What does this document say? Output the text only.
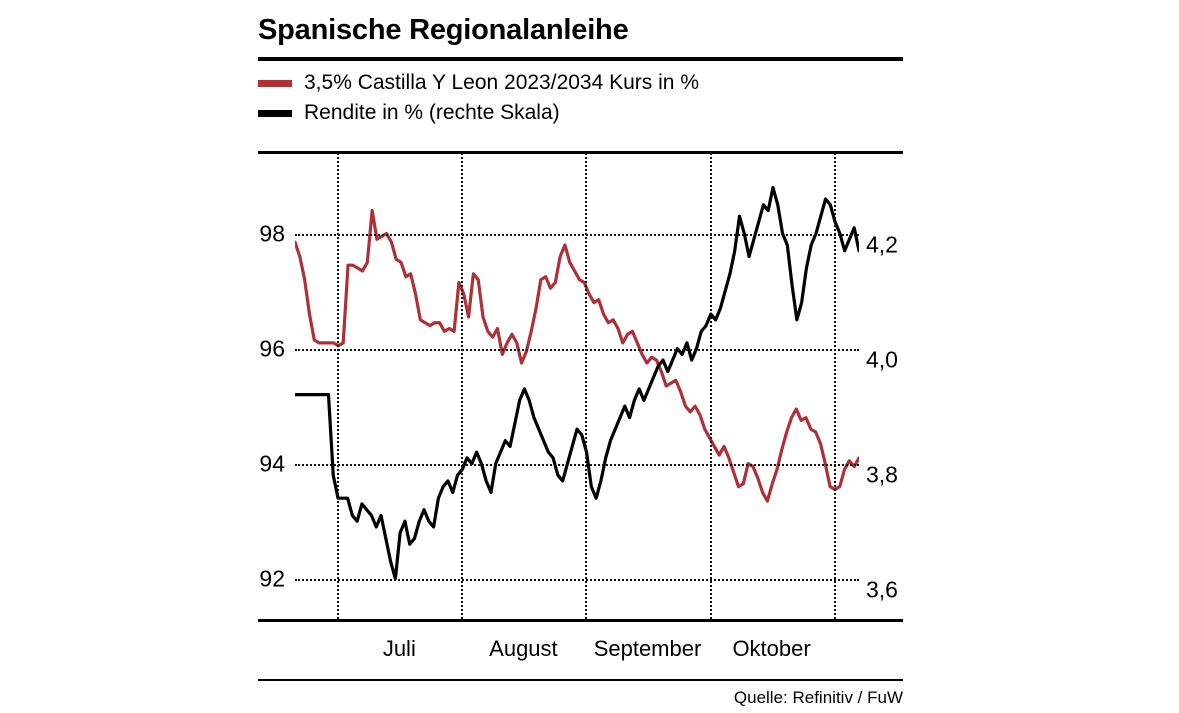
Spanische Regionalanleihe
3,5% Castilla Y Leon 2023/2034 Kurs in %
Rendite in % (rechte Skala)
92
94
96
98
3,6
3,8
4,0
4,2
Juli	August September Oktober
Quelle: Refinitiv / FuW
